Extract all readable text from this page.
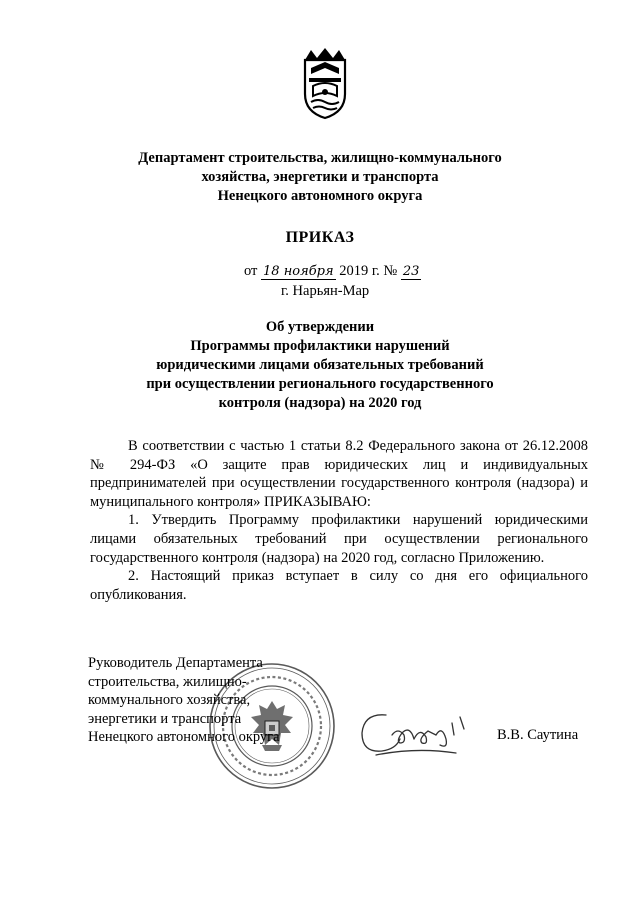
Департамент строительства, жилищно-коммунального
хозяйства, энергетики и транспорта
Ненецкого автономного округа
ПРИКАЗ
от 18 ноября 2019 г. № 23
г. Нарьян-Мар
Об утверждении
Программы профилактики нарушений
юридическими лицами обязательных требований
при осуществлении регионального государственного
контроля (надзора) на 2020 год

В соответствии с частью 1 статьи 8.2 Федерального закона от 26.12.2008 № 294-ФЗ «О защите прав юридических лиц и индивидуальных предпринимателей при осуществлении государственного контроля (надзора) и муниципального контроля» ПРИКАЗЫВАЮ:

1. Утвердить Программу профилактики нарушений юридическими лицами обязательных требований при осуществлении регионального государственного контроля (надзора) на 2020 год, согласно Приложению.

2. Настоящий приказ вступает в силу со дня его официального опубликования.

Руководитель Департамента
строительства, жилищно-
коммунального хозяйства,
энергетики и транспорта
Ненецкого автономного округа	В.В. Саутина
